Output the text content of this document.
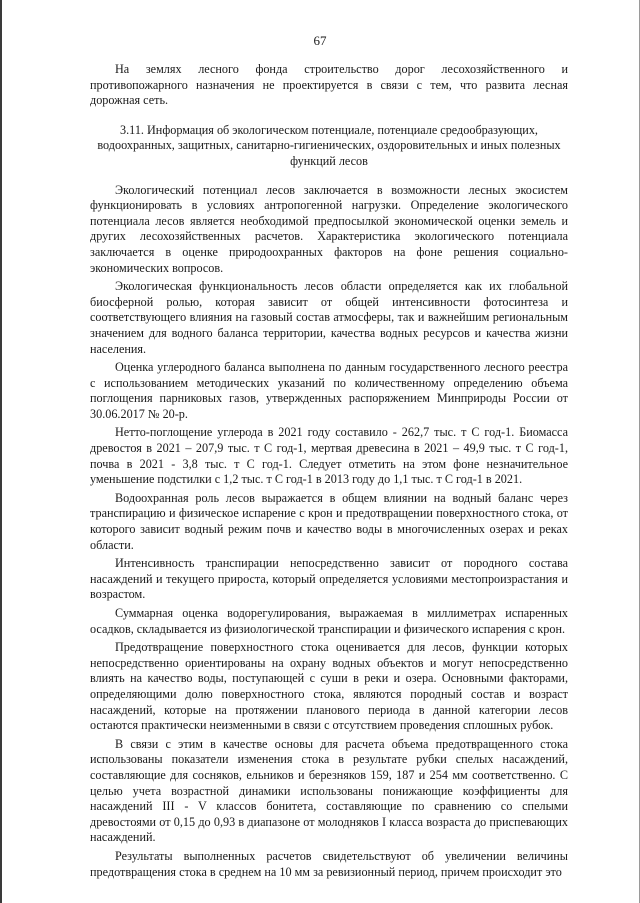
67

На землях лесного фонда строительство дорог лесохозяйственного и противопожарного назначения не проектируется в связи с тем, что развита лесная дорожная сеть.

3.11. Информация об экологическом потенциале, потенциале средообразующих, водоохранных, защитных, санитарно-гигиенических, оздоровительных и иных полезных функций лесов

Экологический потенциал лесов заключается в возможности лесных экосистем функционировать в условиях антропогенной нагрузки. Определение экологического потенциала лесов является необходимой предпосылкой экономической оценки земель и других лесохозяйственных расчетов. Характеристика экологического потенциала заключается в оценке природоохранных факторов на фоне решения социально-экономических вопросов.

Экологическая функциональность лесов области определяется как их глобальной биосферной ролью, которая зависит от общей интенсивности фотосинтеза и соответствующего влияния на газовый состав атмосферы, так и важнейшим региональным значением для водного баланса территории, качества водных ресурсов и качества жизни населения.

Оценка углеродного баланса выполнена по данным государственного лесного реестра с использованием методических указаний по количественному определению объема поглощения парниковых газов, утвержденных распоряжением Минприроды России от 30.06.2017 № 20-р.

Нетто-поглощение углерода в 2021 году составило - 262,7 тыс. т С год-1. Биомасса древостоя в 2021 – 207,9 тыс. т С год-1, мертвая древесина в 2021 – 49,9 тыс. т С год-1, почва в 2021 - 3,8 тыс. т С год-1. Следует отметить на этом фоне незначительное уменьшение подстилки с 1,2 тыс. т С год-1 в 2013 году до 1,1 тыс. т С год-1 в 2021.

Водоохранная роль лесов выражается в общем влиянии на водный баланс через транспирацию и физическое испарение с крон и предотвращении поверхностного стока, от которого зависит водный режим почв и качество воды в многочисленных озерах и реках области.

Интенсивность транспирации непосредственно зависит от породного состава насаждений и текущего прироста, который определяется условиями местопроизрастания и возрастом.

Суммарная оценка водорегулирования, выражаемая в миллиметрах испаренных осадков, складывается из физиологической транспирации и физического испарения с крон.

Предотвращение поверхностного стока оценивается для лесов, функции которых непосредственно ориентированы на охрану водных объектов и могут непосредственно влиять на качество воды, поступающей с суши в реки и озера. Основными факторами, определяющими долю поверхностного стока, являются породный состав и возраст насаждений, которые на протяжении планового периода в данной категории лесов остаются практически неизменными в связи с отсутствием проведения сплошных рубок.

В связи с этим в качестве основы для расчета объема предотвращенного стока использованы показатели изменения стока в результате рубки спелых насаждений, составляющие для сосняков, ельников и березняков 159, 187 и 254 мм соответственно. С целью учета возрастной динамики использованы понижающие коэффициенты для насаждений III - V классов бонитета, составляющие по сравнению со спелыми древостоями от 0,15 до 0,93 в диапазоне от молодняков I класса возраста до приспевающих насаждений.

Результаты выполненных расчетов свидетельствуют об увеличении величины предотвращения стока в среднем на 10 мм за ревизионный период, причем происходит это
